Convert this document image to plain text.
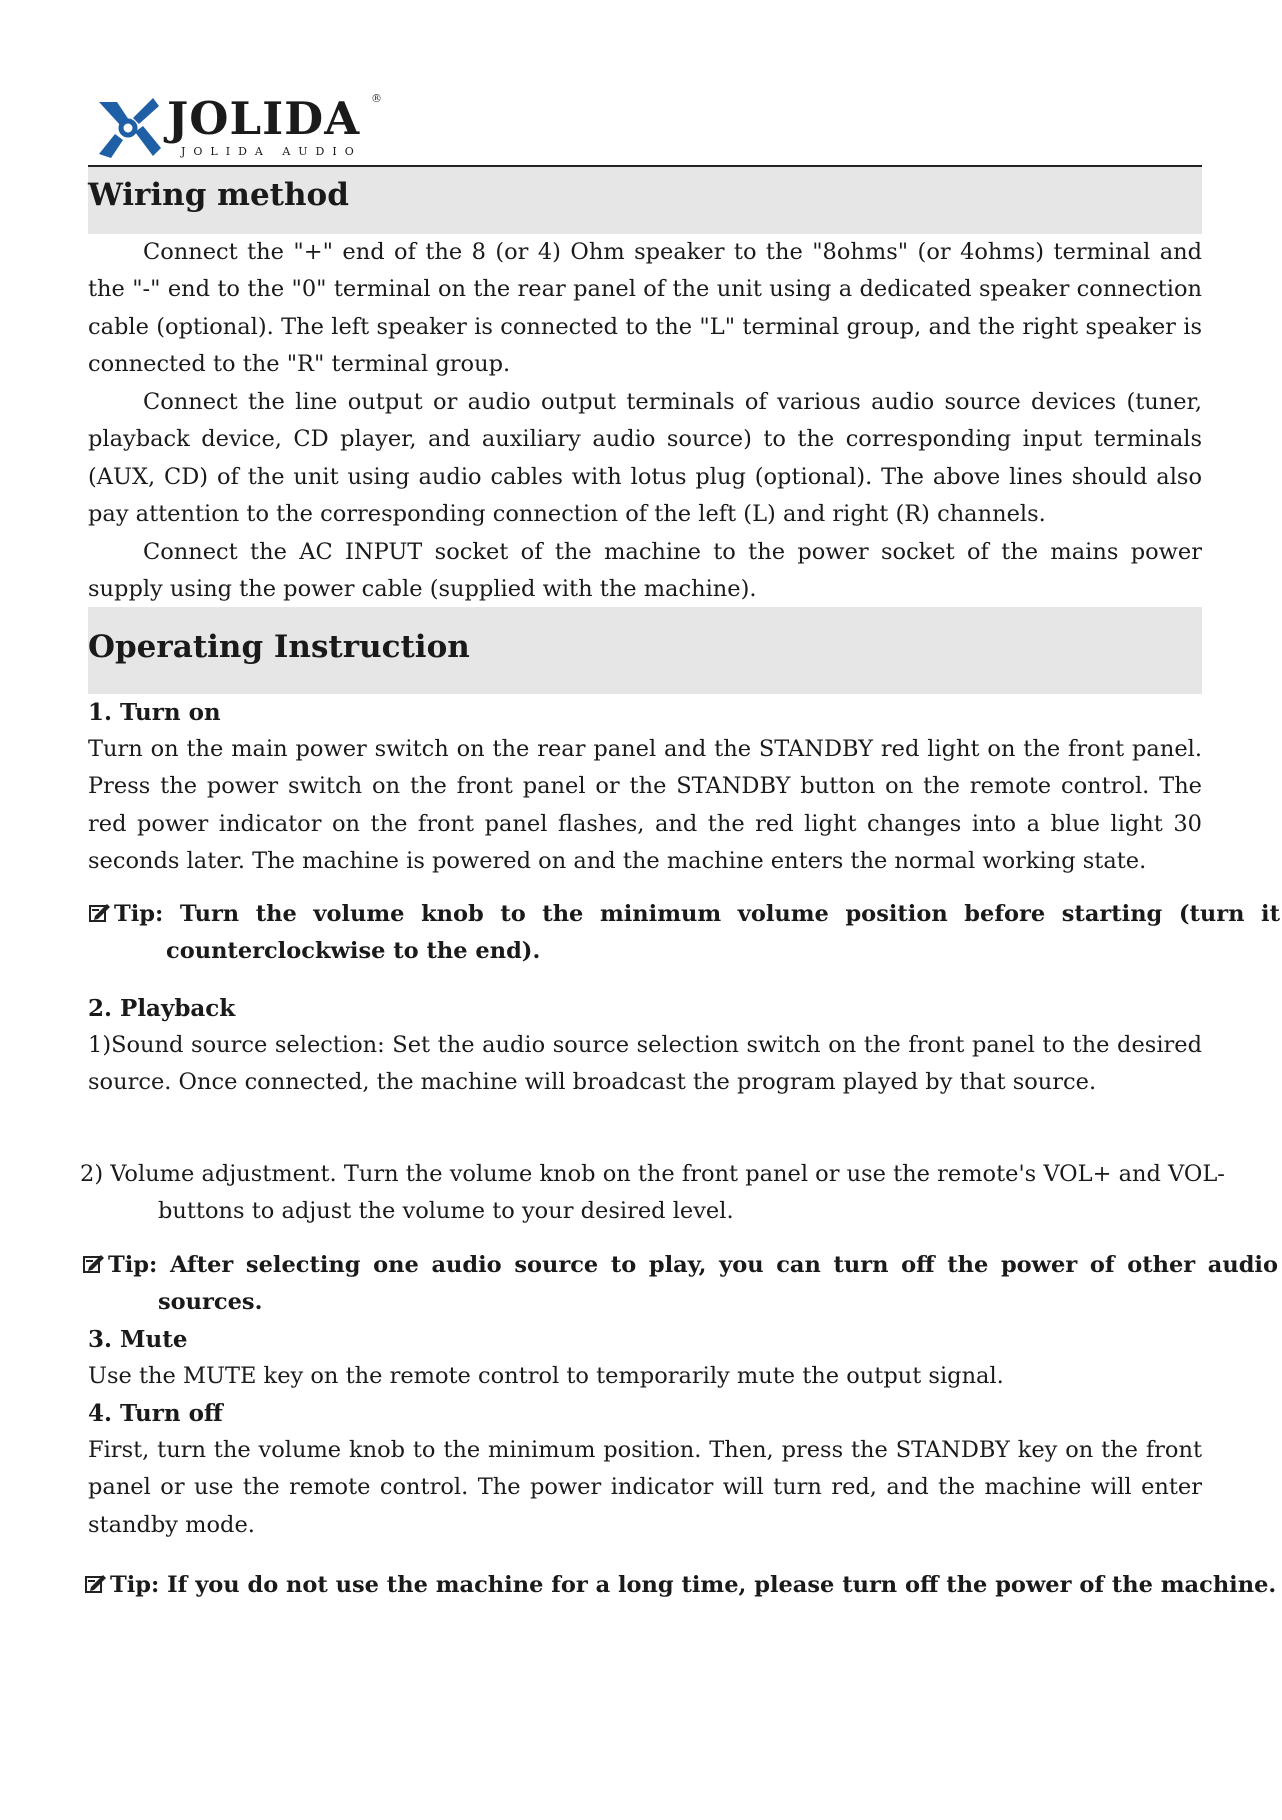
JOLIDA ®
JOLIDA AUDIO
Wiring method

Connect the "+" end of the 8 (or 4) Ohm speaker to the "8ohms" (or 4ohms) terminal and the "-" end to the "0" terminal on the rear panel of the unit using a dedicated speaker connection cable (optional). The left speaker is connected to the "L" terminal group, and the right speaker is connected to the "R" terminal group.

Connect the line output or audio output terminals of various audio source devices (tuner, playback device, CD player, and auxiliary audio source) to the corresponding input terminals (AUX, CD) of the unit using audio cables with lotus plug (optional). The above lines should also pay attention to the corresponding connection of the left (L) and right (R) channels.

Connect the AC INPUT socket of the machine to the power socket of the mains power supply using the power cable (supplied with the machine).

Operating Instruction

1. Turn on

Turn on the main power switch on the rear panel and the STANDBY red light on the front panel. Press the power switch on the front panel or the STANDBY button on the remote control. The red power indicator on the front panel flashes, and the red light changes into a blue light 30 seconds later. The machine is powered on and the machine enters the normal working state.

Tip: Turn the volume knob to the minimum volume position before starting (turn it counterclockwise to the end).

2. Playback

1)Sound source selection: Set the audio source selection switch on the front panel to the desired source. Once connected, the machine will broadcast the program played by that source.

2) Volume adjustment. Turn the volume knob on the front panel or use the remote's VOL+ and VOL- buttons to adjust the volume to your desired level.

Tip: After selecting one audio source to play, you can turn off the power of other audio sources.

3. Mute

Use the MUTE key on the remote control to temporarily mute the output signal.

4. Turn off

First, turn the volume knob to the minimum position. Then, press the STANDBY key on the front panel or use the remote control. The power indicator will turn red, and the machine will enter standby mode.

Tip: If you do not use the machine for a long time, please turn off the power of the machine.
